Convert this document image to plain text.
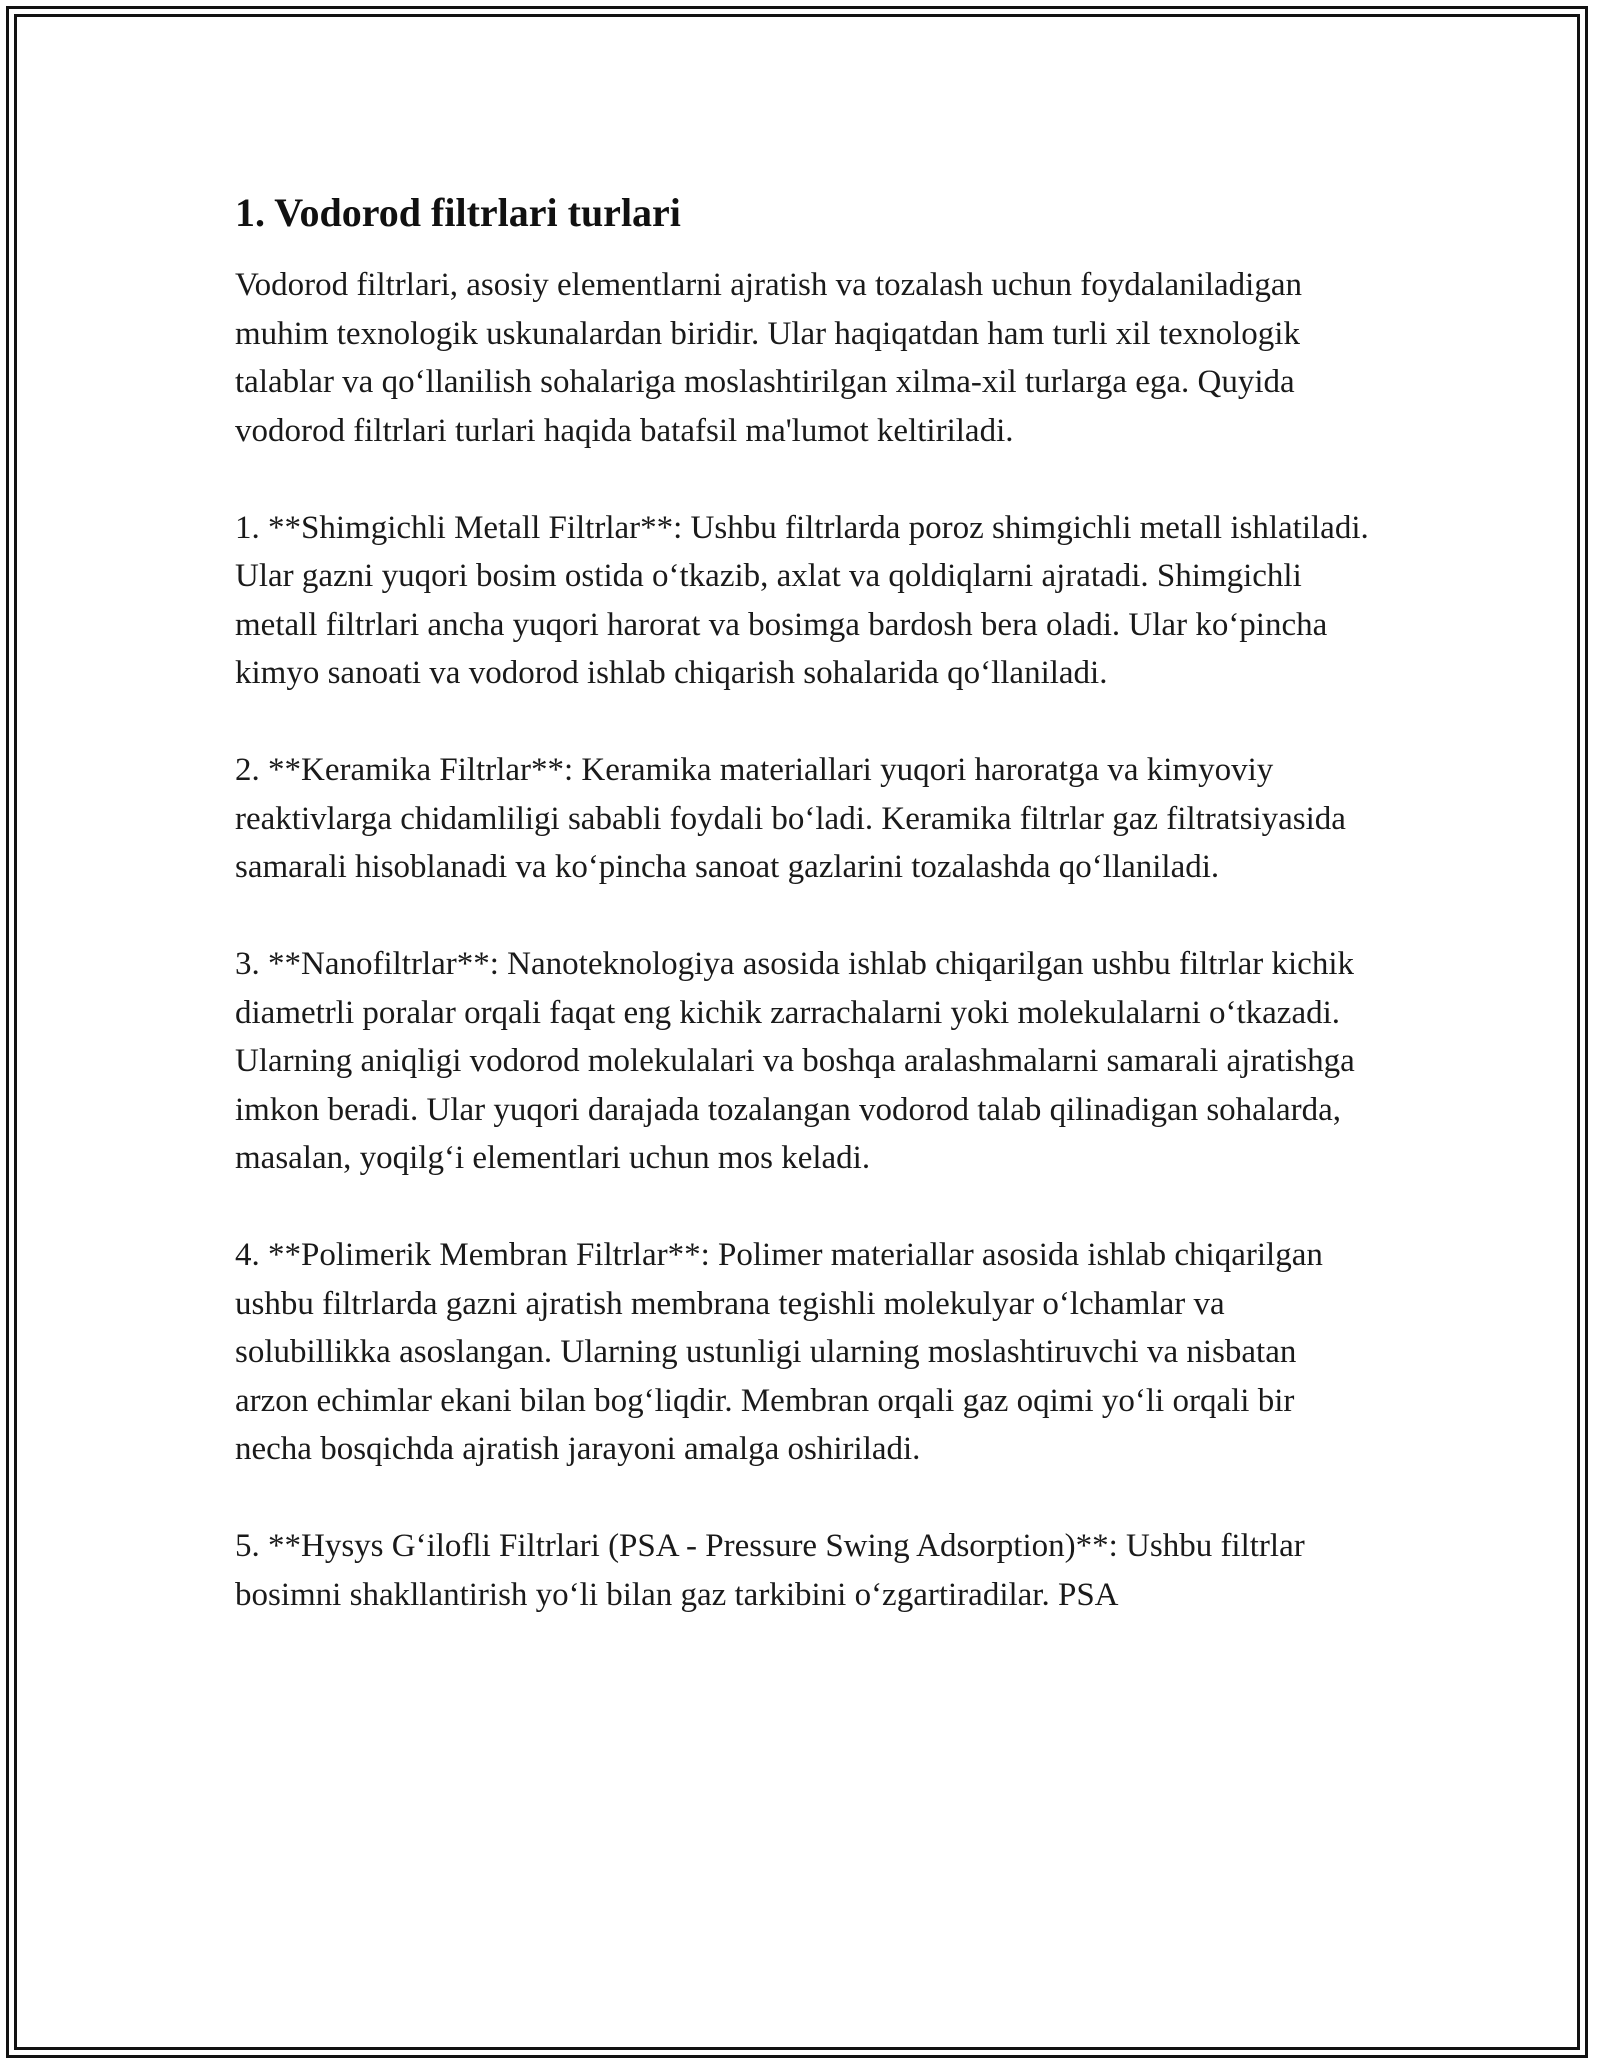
1. Vodorod filtrlari turlari

Vodorod filtrlari, asosiy elementlarni ajratish va tozalash uchun foydalaniladigan muhim texnologik uskunalardan biridir. Ular haqiqatdan ham turli xil texnologik talablar va qo‘llanilish sohalariga moslashtirilgan xilma-xil turlarga ega. Quyida vodorod filtrlari turlari haqida batafsil ma'lumot keltiriladi.

1. **Shimgichli Metall Filtrlar**: Ushbu filtrlarda poroz shimgichli metall ishlatiladi. Ular gazni yuqori bosim ostida o‘tkazib, axlat va qoldiqlarni ajratadi. Shimgichli metall filtrlari ancha yuqori harorat va bosimga bardosh bera oladi. Ular ko‘pincha kimyo sanoati va vodorod ishlab chiqarish sohalarida qo‘llaniladi.

2. **Keramika Filtrlar**: Keramika materiallari yuqori haroratga va kimyoviy reaktivlarga chidamliligi sababli foydali bo‘ladi. Keramika filtrlar gaz filtratsiyasida samarali hisoblanadi va ko‘pincha sanoat gazlarini tozalashda qo‘llaniladi.

3. **Nanofiltrlar**: Nanoteknologiya asosida ishlab chiqarilgan ushbu filtrlar kichik diametrli poralar orqali faqat eng kichik zarrachalarni yoki molekulalarni o‘tkazadi. Ularning aniqligi vodorod molekulalari va boshqa aralashmalarni samarali ajratishga imkon beradi. Ular yuqori darajada tozalangan vodorod talab qilinadigan sohalarda, masalan, yoqilg‘i elementlari uchun mos keladi.

4. **Polimerik Membran Filtrlar**: Polimer materiallar asosida ishlab chiqarilgan ushbu filtrlarda gazni ajratish membrana tegishli molekulyar o‘lchamlar va solubillikka asoslangan. Ularning ustunligi ularning moslashtiruvchi va nisbatan arzon echimlar ekani bilan bog‘liqdir. Membran orqali gaz oqimi yo‘li orqali bir necha bosqichda ajratish jarayoni amalga oshiriladi.

5. **Hysys G‘ilofli Filtrlari (PSA - Pressure Swing Adsorption)**: Ushbu filtrlar bosimni shakllantirish yo‘li bilan gaz tarkibini o‘zgartiradilar. PSA
